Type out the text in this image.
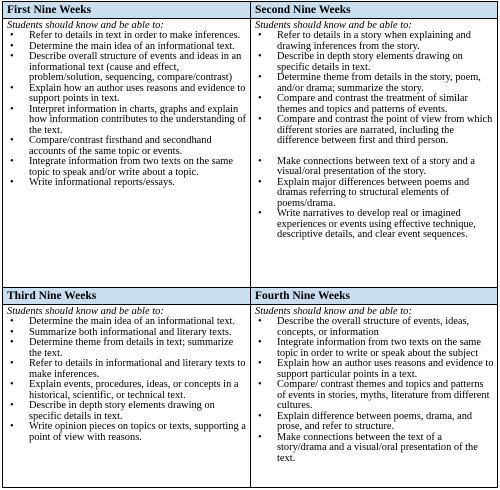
First Nine Weeks
Students should know and be able to:
• Refer to details in text in order to make inferences.
• Determine the main idea of an informational text.
• Describe overall structure of events and ideas in an informational text (cause and effect, problem/solution, sequencing, compare/contrast)
• Explain how an author uses reasons and evidence to support points in text.
• Interpret information in charts, graphs and explain how information contributes to the understanding of the text.
• Compare/contrast firsthand and secondhand accounts of the same topic or events.
• Integrate information from two texts on the same topic to speak and/or write about a topic.
• Write informational reports/essays.
Second Nine Weeks
Students should know and be able to:
• Refer to details in a story when explaining and drawing inferences from the story.
• Describe in depth story elements drawing on specific details in text.
• Determine theme from details in the story, poem, and/or drama; summarize the story.
• Compare and contrast the treatment of similar themes and topics and patterns of events.
• Compare and contrast the point of view from which different stories are narrated, including the difference between first and third person.
• Make connections between text of a story and a visual/oral presentation of the story.
• Explain major differences between poems and dramas referring to structural elements of poems/drama.
• Write narratives to develop real or imagined experiences or events using effective technique, descriptive details, and clear event sequences.
Third Nine Weeks
Students should know and be able to:
• Determine the main idea of an informational text.
• Summarize both informational and literary texts.
• Determine theme from details in text; summarize the text.
• Refer to details in informational and literary texts to make inferences.
• Explain events, procedures, ideas, or concepts in a historical, scientific, or technical text.
• Describe in depth story elements drawing on specific details in text.
• Write opinion pieces on topics or texts, supporting a point of view with reasons.
Fourth Nine Weeks
Students should know and be able to:
• Describe the overall structure of events, ideas, concepts, or information
• Integrate information from two texts on the same topic in order to write or speak about the subject
• Explain how an author uses reasons and evidence to support particular points in a text.
• Compare/ contrast themes and topics and patterns of events in stories, myths, literature from different cultures.
• Explain difference between poems, drama, and prose, and refer to structure.
• Make connections between the text of a story/drama and a visual/oral presentation of the text.
